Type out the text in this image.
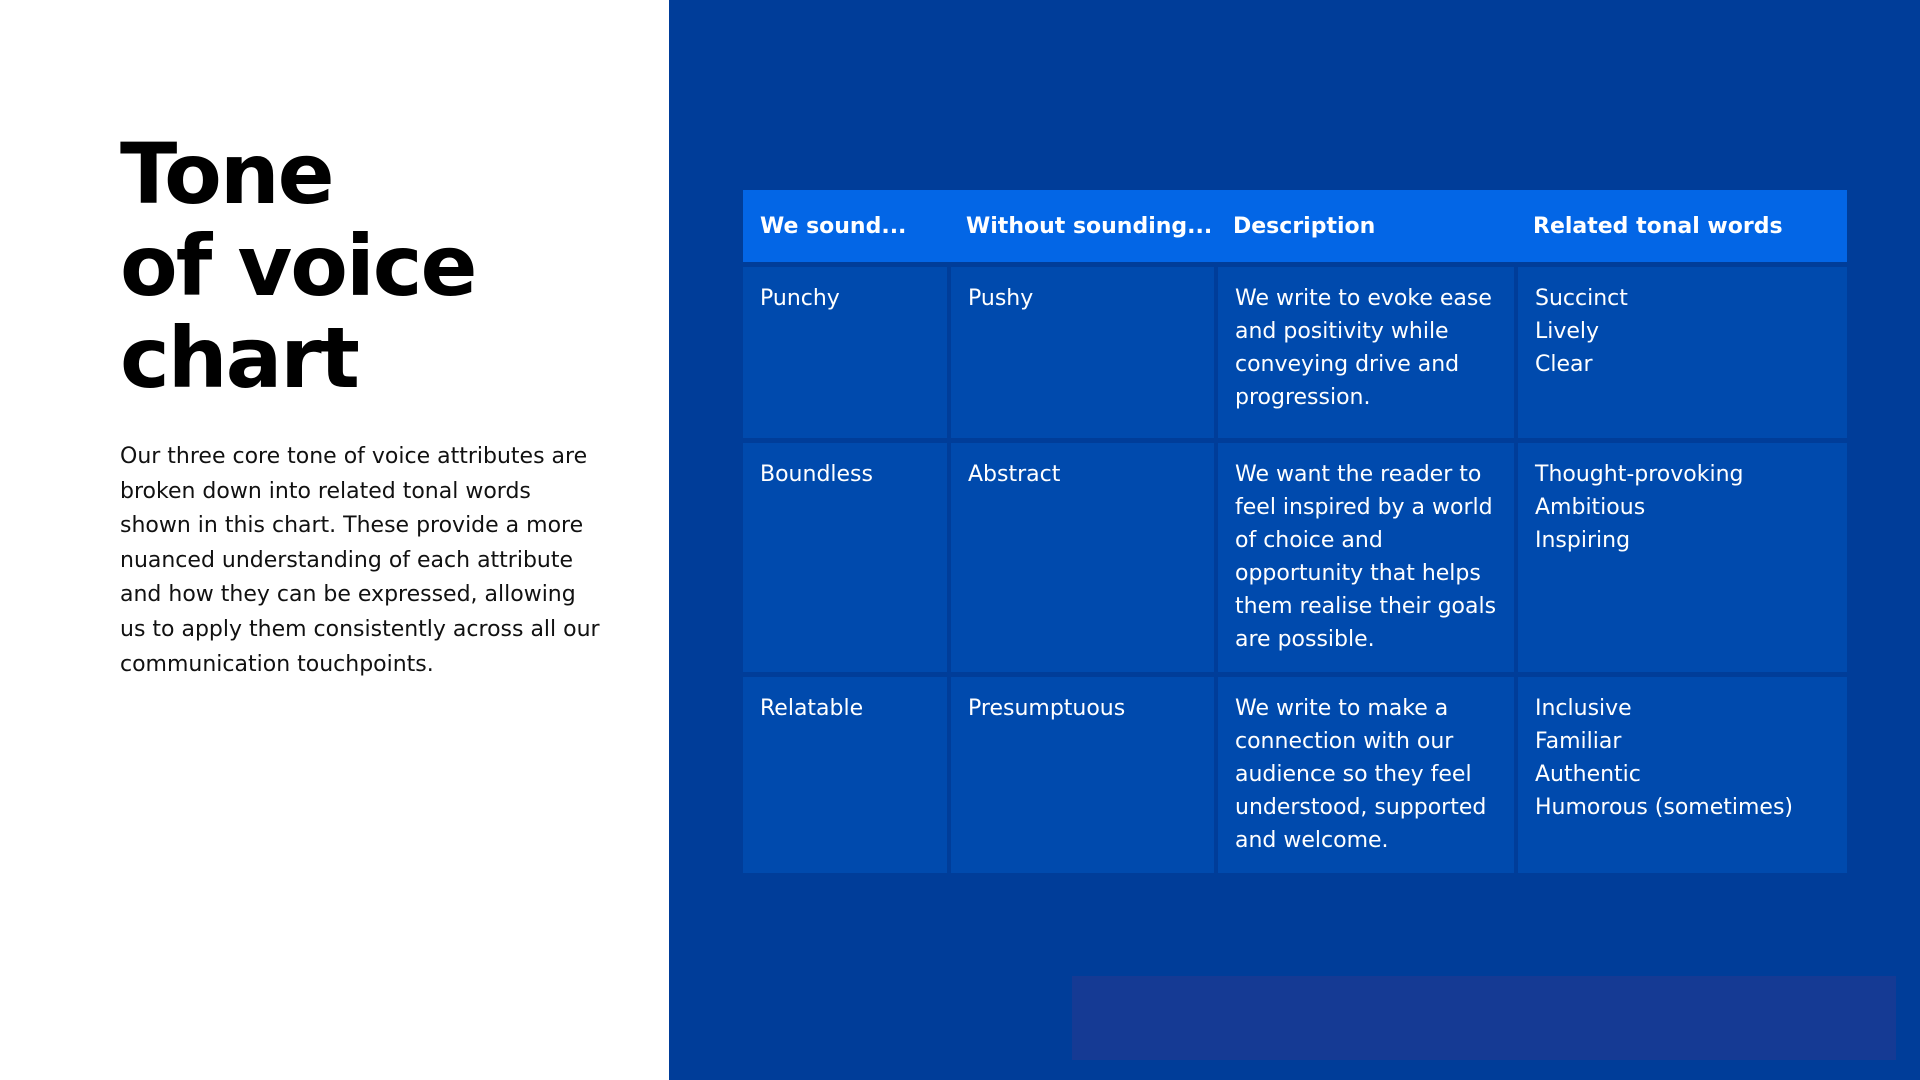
Tone
of voice
chart

Our three core tone of voice attributes are broken down into related tonal words shown in this chart. These provide a more nuanced understanding of each attribute and how they can be expressed, allowing us to apply them consistently across all our communication touchpoints.

We sound...	Without sounding...	Description	Related tonal words
Punchy	Pushy	We write to evoke ease and positivity while conveying drive and progression.	Succinct
Lively
Clear

Boundless	Abstract	We want the reader to feel inspired by a world of choice and opportunity that helps them realise their goals are possible.	Thought-provoking
Ambitious
Inspiring

Relatable	Presumptuous	We write to make a connection with our audience so they feel understood, supported and welcome.	Inclusive
Familiar
Authentic
Humorous (sometimes)
